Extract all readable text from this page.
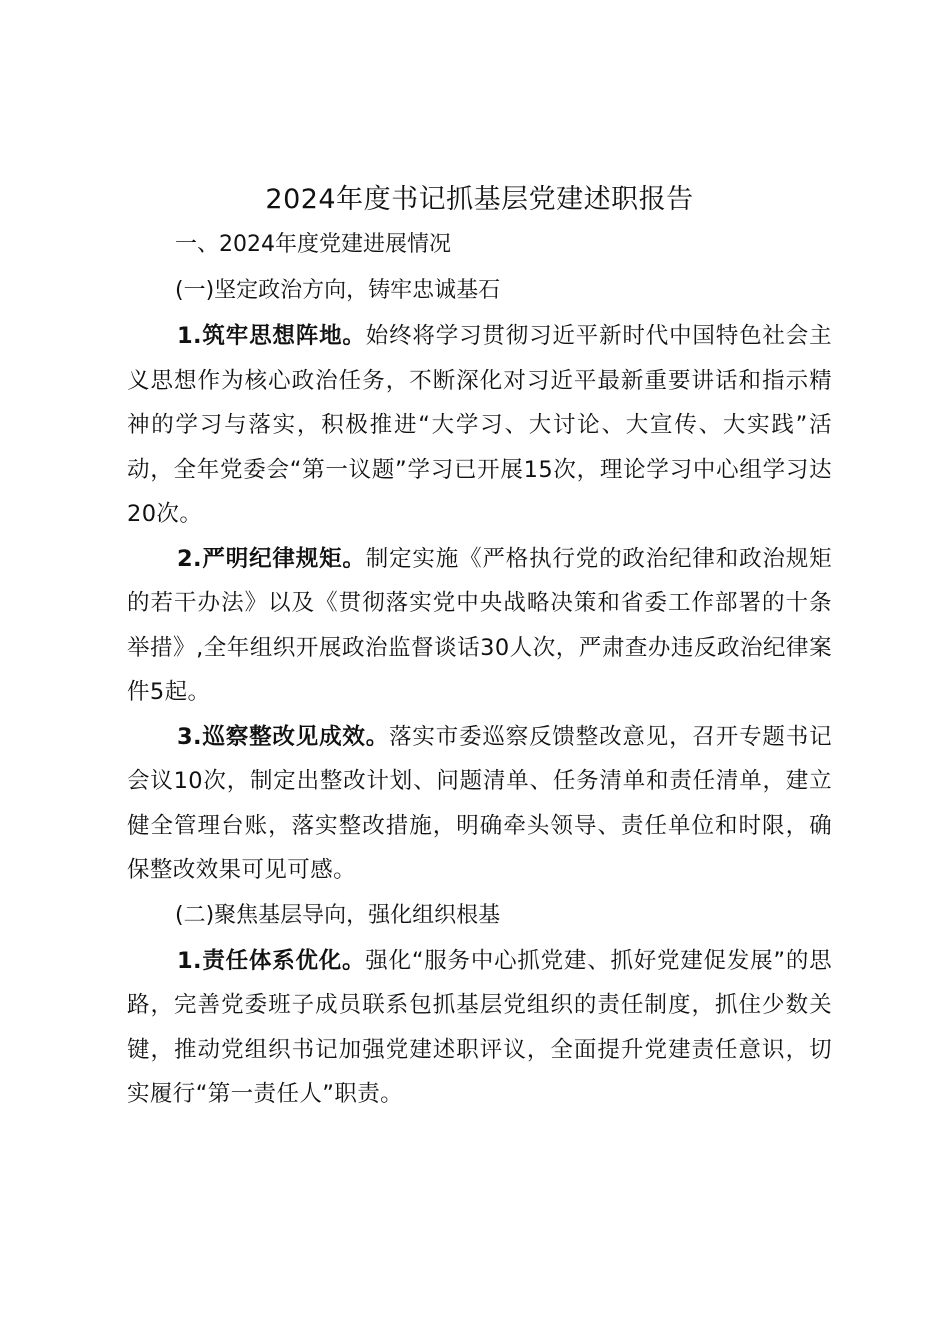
2024年度书记抓基层党建述职报告

一、2024年度党建进展情况

(一)坚定政治方向，铸牢忠诚基石

1.筑牢思想阵地。始终将学习贯彻习近平新时代中国特色社会主义思想作为核心政治任务，不断深化对习近平最新重要讲话和指示精神的学习与落实，积极推进“大学习、大讨论、大宣传、大实践”活动，全年党委会“第一议题”学习已开展15次，理论学习中心组学习达20次。

2.严明纪律规矩。制定实施《严格执行党的政治纪律和政治规矩的若干办法》以及《贯彻落实党中央战略决策和省委工作部署的十条举措》,全年组织开展政治监督谈话30人次，严肃查办违反政治纪律案件5起。

3.巡察整改见成效。落实市委巡察反馈整改意见，召开专题书记会议10次，制定出整改计划、问题清单、任务清单和责任清单，建立健全管理台账，落实整改措施，明确牵头领导、责任单位和时限，确保整改效果可见可感。

(二)聚焦基层导向，强化组织根基

1.责任体系优化。强化“服务中心抓党建、抓好党建促发展”的思路，完善党委班子成员联系包抓基层党组织的责任制度，抓住少数关键，推动党组织书记加强党建述职评议，全面提升党建责任意识，切实履行“第一责任人”职责。
